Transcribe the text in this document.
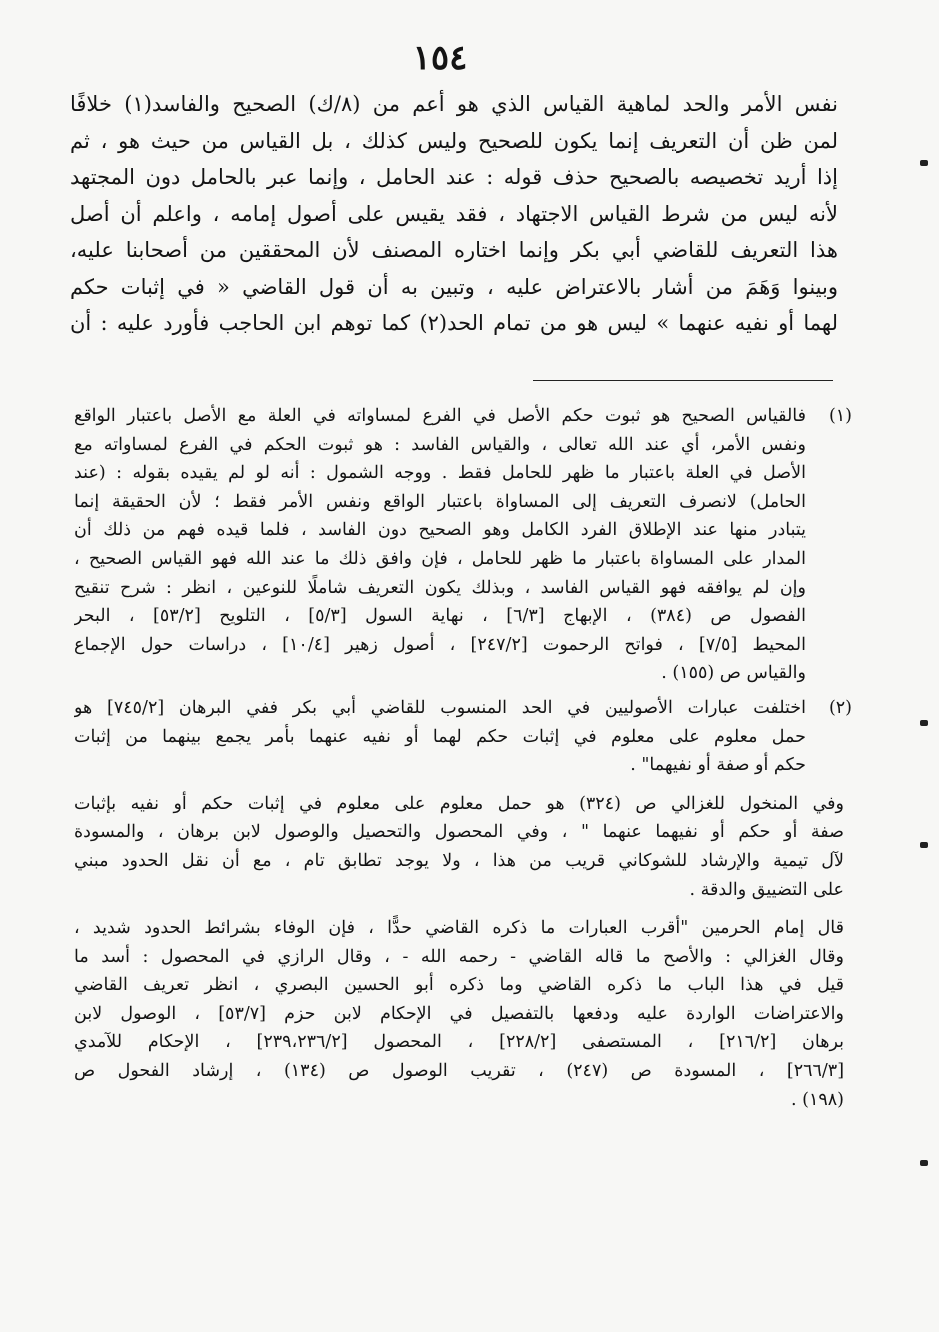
١٥٤
نفس الأمر والحد لماهية القياس الذي هو أعم من (٨/ك) الصحيح والفاسد(١) خلافًا
لمن ظن أن التعريف إنما يكون للصحيح وليس كذلك ، بل القياس من حيث هو ، ثم
إذا أريد تخصيصه بالصحيح حذف قوله : عند الحامل ، وإنما عبر بالحامل دون المجتهد
لأنه ليس من شرط القياس الاجتهاد ، فقد يقيس على أصول إمامه ، واعلم أن أصل
هذا التعريف للقاضي أبي بكر وإنما اختاره المصنف لأن المحققين من أصحابنا عليه،
وبينوا وَهَمَ من أشار بالاعتراض عليه ، وتبين به أن قول القاضي « في إثبات حكم
لهما أو نفيه عنهما » ليس هو من تمام الحد(٢) كما توهم ابن الحاجب فأورد عليه : أن
(١)
فالقياس الصحيح هو ثبوت حكم الأصل في الفرع لمساواته في العلة مع الأصل باعتبار الواقع
ونفس الأمر، أي عند الله تعالى ، والقياس الفاسد : هو ثبوت الحكم في الفرع لمساواته مع
الأصل في العلة باعتبار ما ظهر للحامل فقط . ووجه الشمول : أنه لو لم يقيده بقوله : (عند
الحامل) لانصرف التعريف إلى المساواة باعتبار الواقع ونفس الأمر فقط ؛ لأن الحقيقة إنما
يتبادر منها عند الإطلاق الفرد الكامل وهو الصحيح دون الفاسد ، فلما قيده فهم من ذلك أن
المدار على المساواة باعتبار ما ظهر للحامل ، فإن وافق ذلك ما عند الله فهو القياس الصحيح ،
وإن لم يوافقه فهو القياس الفاسد ، وبذلك يكون التعريف شاملًا للنوعين ، انظر : شرح تنقيح
الفصول ص (٣٨٤) ، الإبهاج [٦/٣] ، نهاية السول [٥/٣] ، التلويح [٥٣/٢] ، البحر
المحيط [٧/٥] ، فواتح الرحموت [٢٤٧/٢] ، أصول زهير [١٠/٤] ، دراسات حول الإجماع
والقياس ص (١٥٥) .
(٢)
اختلفت عبارات الأصوليين في الحد المنسوب للقاضي أبي بكر ففي البرهان [٧٤٥/٢] هو
حمل معلوم على معلوم في إثبات حكم لهما أو نفيه عنهما بأمر يجمع بينهما من إثبات
حكم أو صفة أو نفيهما" .
وفي المنخول للغزالي ص (٣٢٤) هو حمل معلوم على معلوم في إثبات حكم أو نفيه بإثبات
صفة أو حكم أو نفيهما عنهما " ، وفي المحصول والتحصيل والوصول لابن برهان ، والمسودة
لآل تيمية والإرشاد للشوكاني قريب من هذا ، ولا يوجد تطابق تام ، مع أن نقل الحدود مبني
على التضييق والدقة .
قال إمام الحرمين "أقرب العبارات ما ذكره القاضي حدًّا ، فإن الوفاء بشرائط الحدود شديد ،
وقال الغزالي : والأصح ما قاله القاضي - رحمه الله - ، وقال الرازي في المحصول : أسد ما
قيل في هذا الباب ما ذكره القاضي وما ذكره أبو الحسين البصري ، انظر تعريف القاضي
والاعتراضات الواردة عليه ودفعها بالتفصيل في الإحكام لابن حزم [٥٣/٧] ، الوصول لابن
برهان [٢١٦/٢] ، المستصفى [٢٢٨/٢] ، المحصول [٢٣٩،٢٣٦/٢] ، الإحكام للآمدي
[٢٦٦/٣] ، المسودة ص (٢٤٧) ، تقريب الوصول ص (١٣٤) ، إرشاد الفحول ص
(١٩٨) .
